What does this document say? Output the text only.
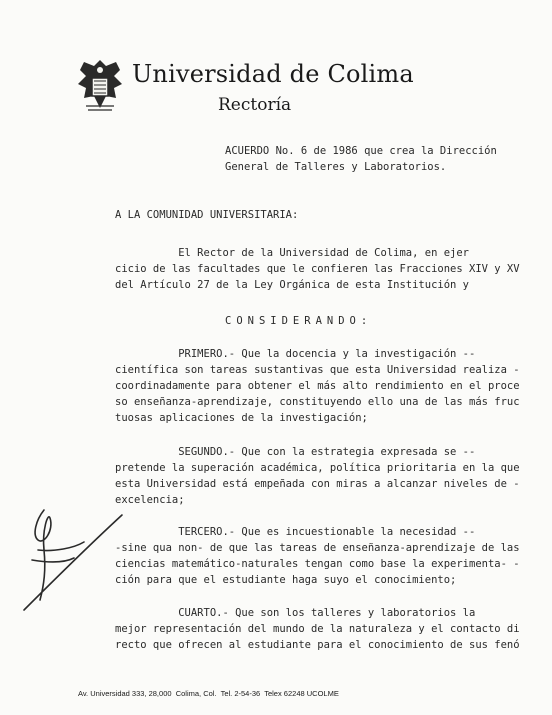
Universidad de Colima
Rectoría
ACUERDO No. 6 de 1986 que crea la Dirección
General de Talleres y Laboratorios.
A LA COMUNIDAD UNIVERSITARIA:
El Rector de la Universidad de Colima, en ejer
cicio de las facultades que le confieren las Fracciones XIV y XV
del Artículo 27 de la Ley Orgánica de esta Institución y
CONSIDERANDO:
PRIMERO.- Que la docencia y la investigación --
científica son tareas sustantivas que esta Universidad realiza -
coordinadamente para obtener el más alto rendimiento en el proce
so enseñanza-aprendizaje, constituyendo ello una de las más fruc
tuosas aplicaciones de la investigación;
SEGUNDO.- Que con la estrategia expresada se --
pretende la superación académica, política prioritaria en la que
esta Universidad está empeñada con miras a alcanzar niveles de -
excelencia;
TERCERO.- Que es incuestionable la necesidad --
-sine qua non- de que las tareas de enseñanza-aprendizaje de las
ciencias matemático-naturales tengan como base la experimenta- -
ción para que el estudiante haga suyo el conocimiento;
CUARTO.- Que son los talleres y laboratorios la
mejor representación del mundo de la naturaleza y el contacto di
recto que ofrecen al estudiante para el conocimiento de sus fenó
Av. Universidad 333, 28,000  Colima, Col.  Tel. 2-54-36  Telex 62248 UCOLME
